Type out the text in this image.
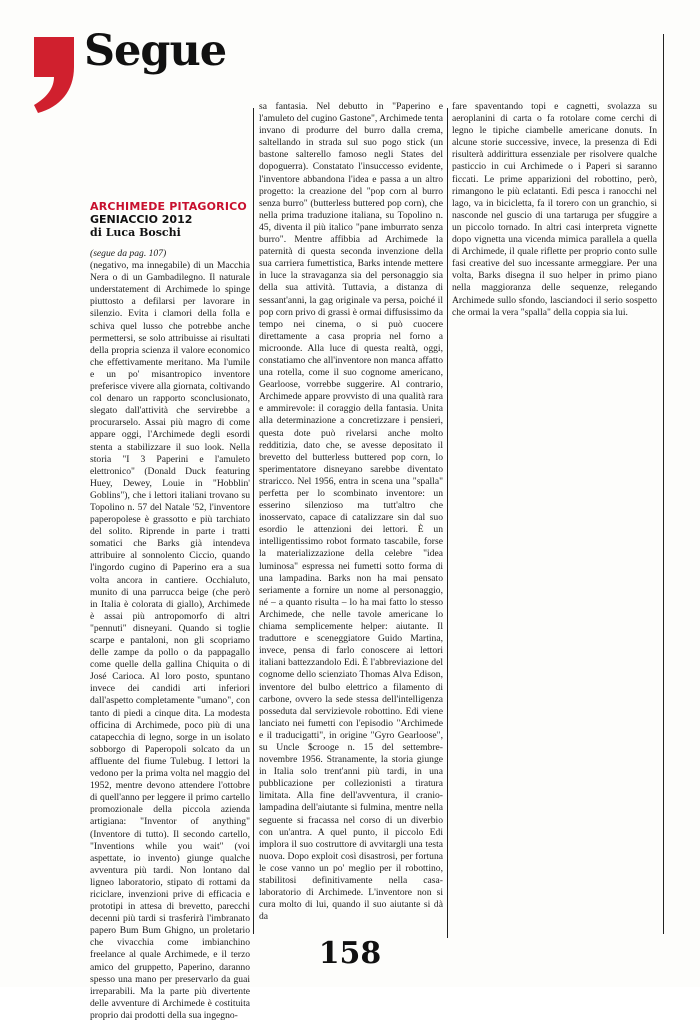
Segue
ARCHIMEDE PITAGORICO
GENIACCIO 2012
di Luca Boschi

(segue da pag. 107)

(negativo, ma innegabile) di un Macchia Nera o di un Gambadilegno. Il naturale understatement di Archimede lo spinge piuttosto a defilarsi per lavorare in silenzio. Evita i clamori della folla e schiva quel lusso che potrebbe anche permettersi, se solo attribuisse ai risultati della propria scienza il valore economico che effettivamente meritano. Ma l'umile e un po' misantropico inventore preferisce vivere alla giornata, coltivando col denaro un rapporto sconclusionato, slegato dall'attività che servirebbe a procurarselo. Assai più magro di come appare oggi, l'Archimede degli esordi stenta a stabilizzare il suo look. Nella storia "I 3 Paperini e l'amuleto elettronico" (Donald Duck featuring Huey, Dewey, Louie in "Hobblin' Goblins"), che i lettori italiani trovano su Topolino n. 57 del Natale '52, l'inventore paperopolese è grassotto e più tarchiato del solito. Riprende in parte i tratti somatici che Barks già intendeva attribuire al sonnolento Ciccio, quando l'ingordo cugino di Paperino era a sua volta ancora in cantiere. Occhialuto, munito di una parrucca beige (che però in Italia è colorata di giallo), Archimede è assai più antropomorfo di altri "pennuti" disneyani. Quando si toglie scarpe e pantaloni, non gli scopriamo delle zampe da pollo o da pappagallo come quelle della gallina Chiquita o di José Carioca. Al loro posto, spuntano invece dei candidi arti inferiori dall'aspetto completamente "umano", con tanto di piedi a cinque dita. La modesta officina di Archimede, poco più di una catapecchia di legno, sorge in un isolato sobborgo di Paperopoli solcato da un affluente del fiume Tulebug. I lettori la vedono per la prima volta nel maggio del 1952, mentre devono attendere l'ottobre di quell'anno per leggere il primo cartello promozionale della piccola azienda artigiana: "Inventor of anything" (Inventore di tutto). Il secondo cartello, "Inventions while you wait" (voi aspettate, io invento) giunge qualche avventura più tardi. Non lontano dal ligneo laboratorio, stipato di rottami da riciclare, invenzioni prive di efficacia e prototipi in attesa di brevetto, parecchi decenni più tardi si trasferirà l'imbranato papero Bum Bum Ghigno, un proletario che vivacchia come imbianchino freelance al quale Archimede, e il terzo amico del gruppetto, Paperino, daranno spesso una mano per preservarlo da guai irreparabili. Ma la parte più divertente delle avventure di Archimede è costituita proprio dai prodotti della sua ingegno-

sa fantasia. Nel debutto in "Paperino e l'amuleto del cugino Gastone", Archimede tenta invano di produrre del burro dalla crema, saltellando in strada sul suo pogo stick (un bastone salterello famoso negli States del dopoguerra). Constatato l'insuccesso evidente, l'inventore abbandona l'idea e passa a un altro progetto: la creazione del "pop corn al burro senza burro" (butterless buttered pop corn), che nella prima traduzione italiana, su Topolino n. 45, diventa il più italico "pane imburrato senza burro". Mentre affibbia ad Archimede la paternità di questa seconda invenzione della sua carriera fumettistica, Barks intende mettere in luce la stravaganza sia del personaggio sia della sua attività. Tuttavia, a distanza di sessant'anni, la gag originale va persa, poiché il pop corn privo di grassi è ormai diffusissimo da tempo nei cinema, o si può cuocere direttamente a casa propria nel forno a microonde. Alla luce di questa realtà, oggi, constatiamo che all'inventore non manca affatto una rotella, come il suo cognome americano, Gearloose, vorrebbe suggerire. Al contrario, Archimede appare provvisto di una qualità rara e ammirevole: il coraggio della fantasia. Unita alla determinazione a concretizzare i pensieri, questa dote può rivelarsi anche molto redditizia, dato che, se avesse depositato il brevetto del butterless buttered pop corn, lo sperimentatore disneyano sarebbe diventato straricco. Nel 1956, entra in scena una "spalla" perfetta per lo scombinato inventore: un esserino silenzioso ma tutt'altro che inosservato, capace di catalizzare sin dal suo esordio le attenzioni dei lettori. È un intelligentissimo robot formato tascabile, forse la materializzazione della celebre "idea luminosa" espressa nei fumetti sotto forma di una lampadina. Barks non ha mai pensato seriamente a fornire un nome al personaggio, né – a quanto risulta – lo ha mai fatto lo stesso Archimede, che nelle tavole americane lo chiama semplicemente helper: aiutante. Il traduttore e sceneggiatore Guido Martina, invece, pensa di farlo conoscere ai lettori italiani battezzandolo Edi. È l'abbreviazione del cognome dello scienziato Thomas Alva Edison, inventore del bulbo elettrico a filamento di carbone, ovvero la sede stessa dell'intelligenza posseduta dal servizievole robottino. Edi viene lanciato nei fumetti con l'episodio "Archimede e il traducigatti", in origine "Gyro Gearloose", su Uncle $crooge n. 15 del settembre-novembre 1956. Stranamente, la storia giunge in Italia solo trent'anni più tardi, in una pubblicazione per collezionisti a tiratura limitata. Alla fine dell'avventura, il cranio-lampadina dell'aiutante si fulmina, mentre nella seguente si fracassa nel corso di un diverbio con un'antra. A quel punto, il piccolo Edi implora il suo costruttore di avvitargli una testa nuova. Dopo exploit così disastrosi, per fortuna le cose vanno un po' meglio per il robottino, stabilitosi definitivamente nella casa-laboratorio di Archimede. L'inventore non si cura molto di lui, quando il suo aiutante si dà da

fare spaventando topi e cagnetti, svolazza su aeroplanini di carta o fa rotolare come cerchi di legno le tipiche ciambelle americane donuts. In alcune storie successive, invece, la presenza di Edi risulterà addirittura essenziale per risolvere qualche pasticcio in cui Archimede o i Paperi si saranno ficcati. Le prime apparizioni del robottino, però, rimangono le più eclatanti. Edi pesca i ranocchi nel lago, va in bicicletta, fa il torero con un granchio, si nasconde nel guscio di una tartaruga per sfuggire a un piccolo tornado. In altri casi interpreta vignette dopo vignetta una vicenda mimica parallela a quella di Archimede, il quale riflette per proprio conto sulle fasi creative del suo incessante armeggiare. Per una volta, Barks disegna il suo helper in primo piano nella maggioranza delle sequenze, relegando Archimede sullo sfondo, lasciandoci il serio sospetto che ormai la vera "spalla" della coppia sia lui.

158
